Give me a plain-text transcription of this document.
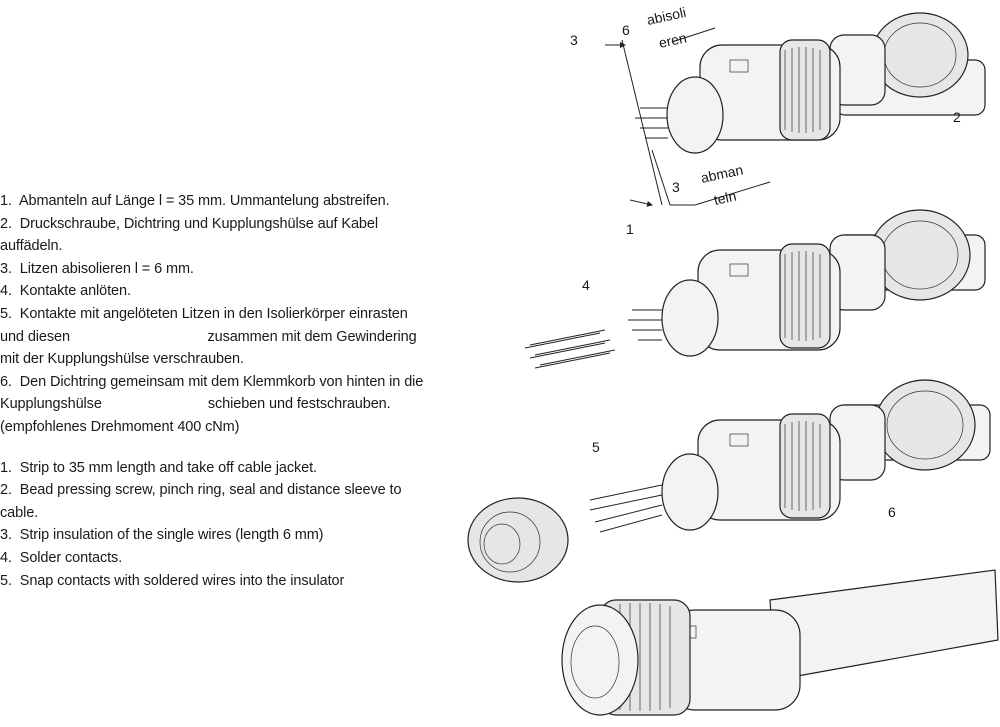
1.  Abmanteln auf Länge l = 35 mm. Ummantelung abstreifen.

2.  Druckschraube, Dichtring und Kupplungshülse auf Kabel auffädeln.

3.  Litzen abisolieren l = 6 mm.

4.  Kontakte anlöten.

5.  Kontakte mit angelöteten Litzen in den Isolierkörper einrasten und diesen                                   zusammen mit dem Gewindering mit der Kupplungshülse verschrauben.

6.  Den Dichtring gemeinsam mit dem Klemmkorb von hinten in die Kupplungshülse                           schieben und festschrauben. (empfohlenes Drehmoment 400 cNm)

1.  Strip to 35 mm length and take off cable jacket.

2.  Bead pressing screw, pinch ring, seal and distance sleeve to cable.

3.  Strip insulation of the single wires (length 6 mm)

4.  Solder contacts.

5.  Snap contacts with soldered wires into the insulator

6
abisoli
eren
3
abman
teln
3
2
1
4
5
6
